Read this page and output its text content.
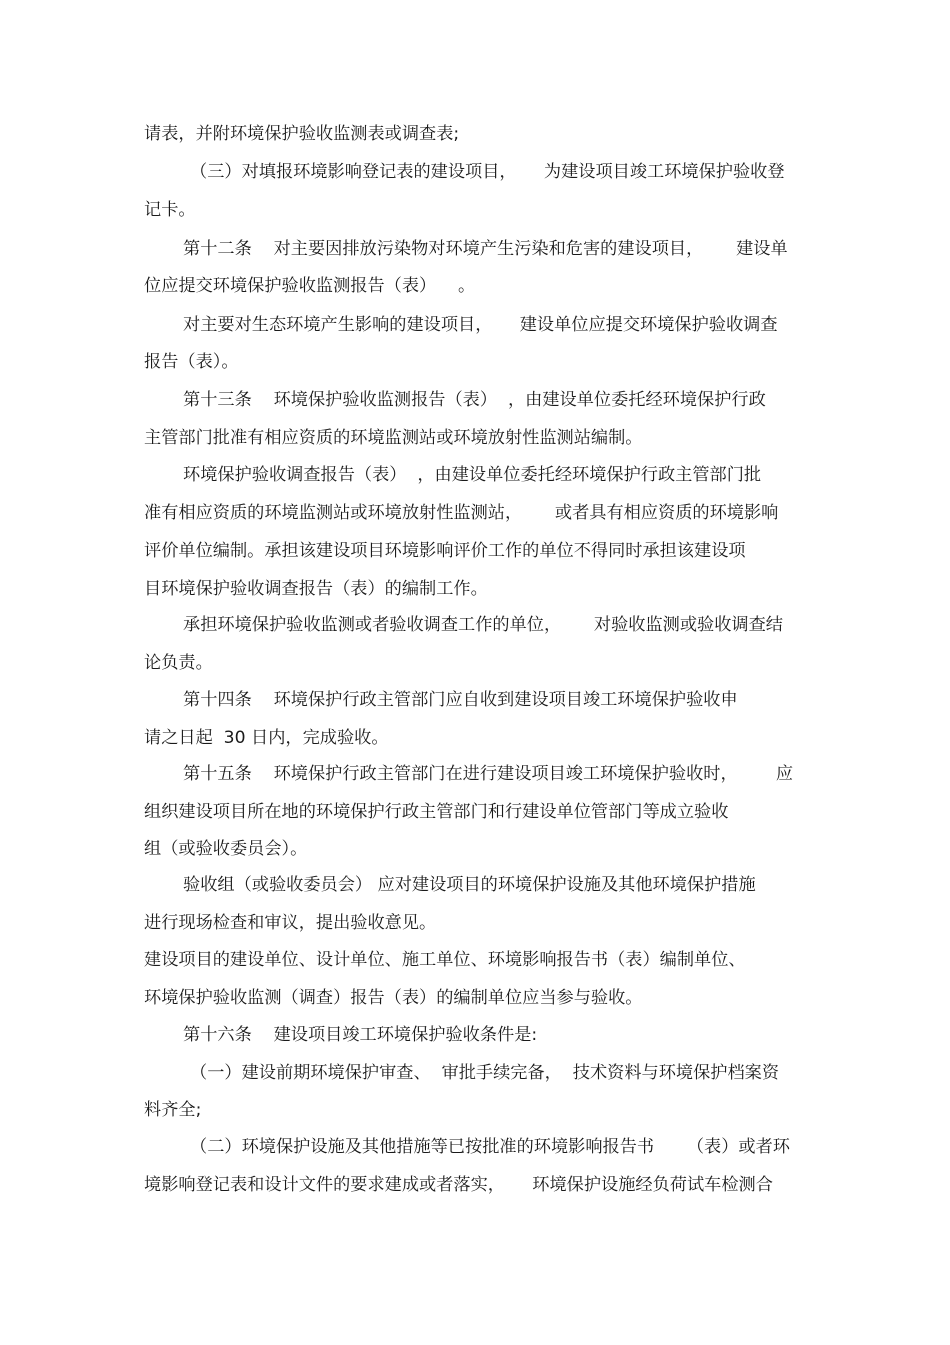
请表，并附环境保护验收监测表或调查表;

（三）对填报环境影响登记表的建设项目，     为建设项目竣工环境保护验收登

记卡。

第十二条    对主要因排放污染物对环境产生污染和危害的建设项目，      建设单

位应提交环境保护验收监测报告（表）    。

对主要对生态环境产生影响的建设项目，     建设单位应提交环境保护验收调查

报告（表）。

第十三条    环境保护验收监测报告（表）  ，由建设单位委托经环境保护行政

主管部门批准有相应资质的环境监测站或环境放射性监测站编制。

环境保护验收调查报告（表）  ，由建设单位委托经环境保护行政主管部门批

准有相应资质的环境监测站或环境放射性监测站，      或者具有相应资质的环境影响

评价单位编制。承担该建设项目环境影响评价工作的单位不得同时承担该建设项

目环境保护验收调查报告（表）的编制工作。

承担环境保护验收监测或者验收调查工作的单位，      对验收监测或验收调查结

论负责。

第十四条    环境保护行政主管部门应自收到建设项目竣工环境保护验收申

请之日起  30 日内，完成验收。

第十五条    环境保护行政主管部门在进行建设项目竣工环境保护验收时，       应

组织建设项目所在地的环境保护行政主管部门和行建设单位管部门等成立验收

组（或验收委员会）。

验收组（或验收委员会） 应对建设项目的环境保护设施及其他环境保护措施

进行现场检查和审议，提出验收意见。

建设项目的建设单位、设计单位、施工单位、环境影响报告书（表）编制单位、

环境保护验收监测（调查）报告（表）的编制单位应当参与验收。

第十六条    建设项目竣工环境保护验收条件是:

（一）建设前期环境保护审查、  审批手续完备，  技术资料与环境保护档案资

料齐全;

（二）环境保护设施及其他措施等已按批准的环境影响报告书      （表）或者环

境影响登记表和设计文件的要求建成或者落实，     环境保护设施经负荷试车检测合
